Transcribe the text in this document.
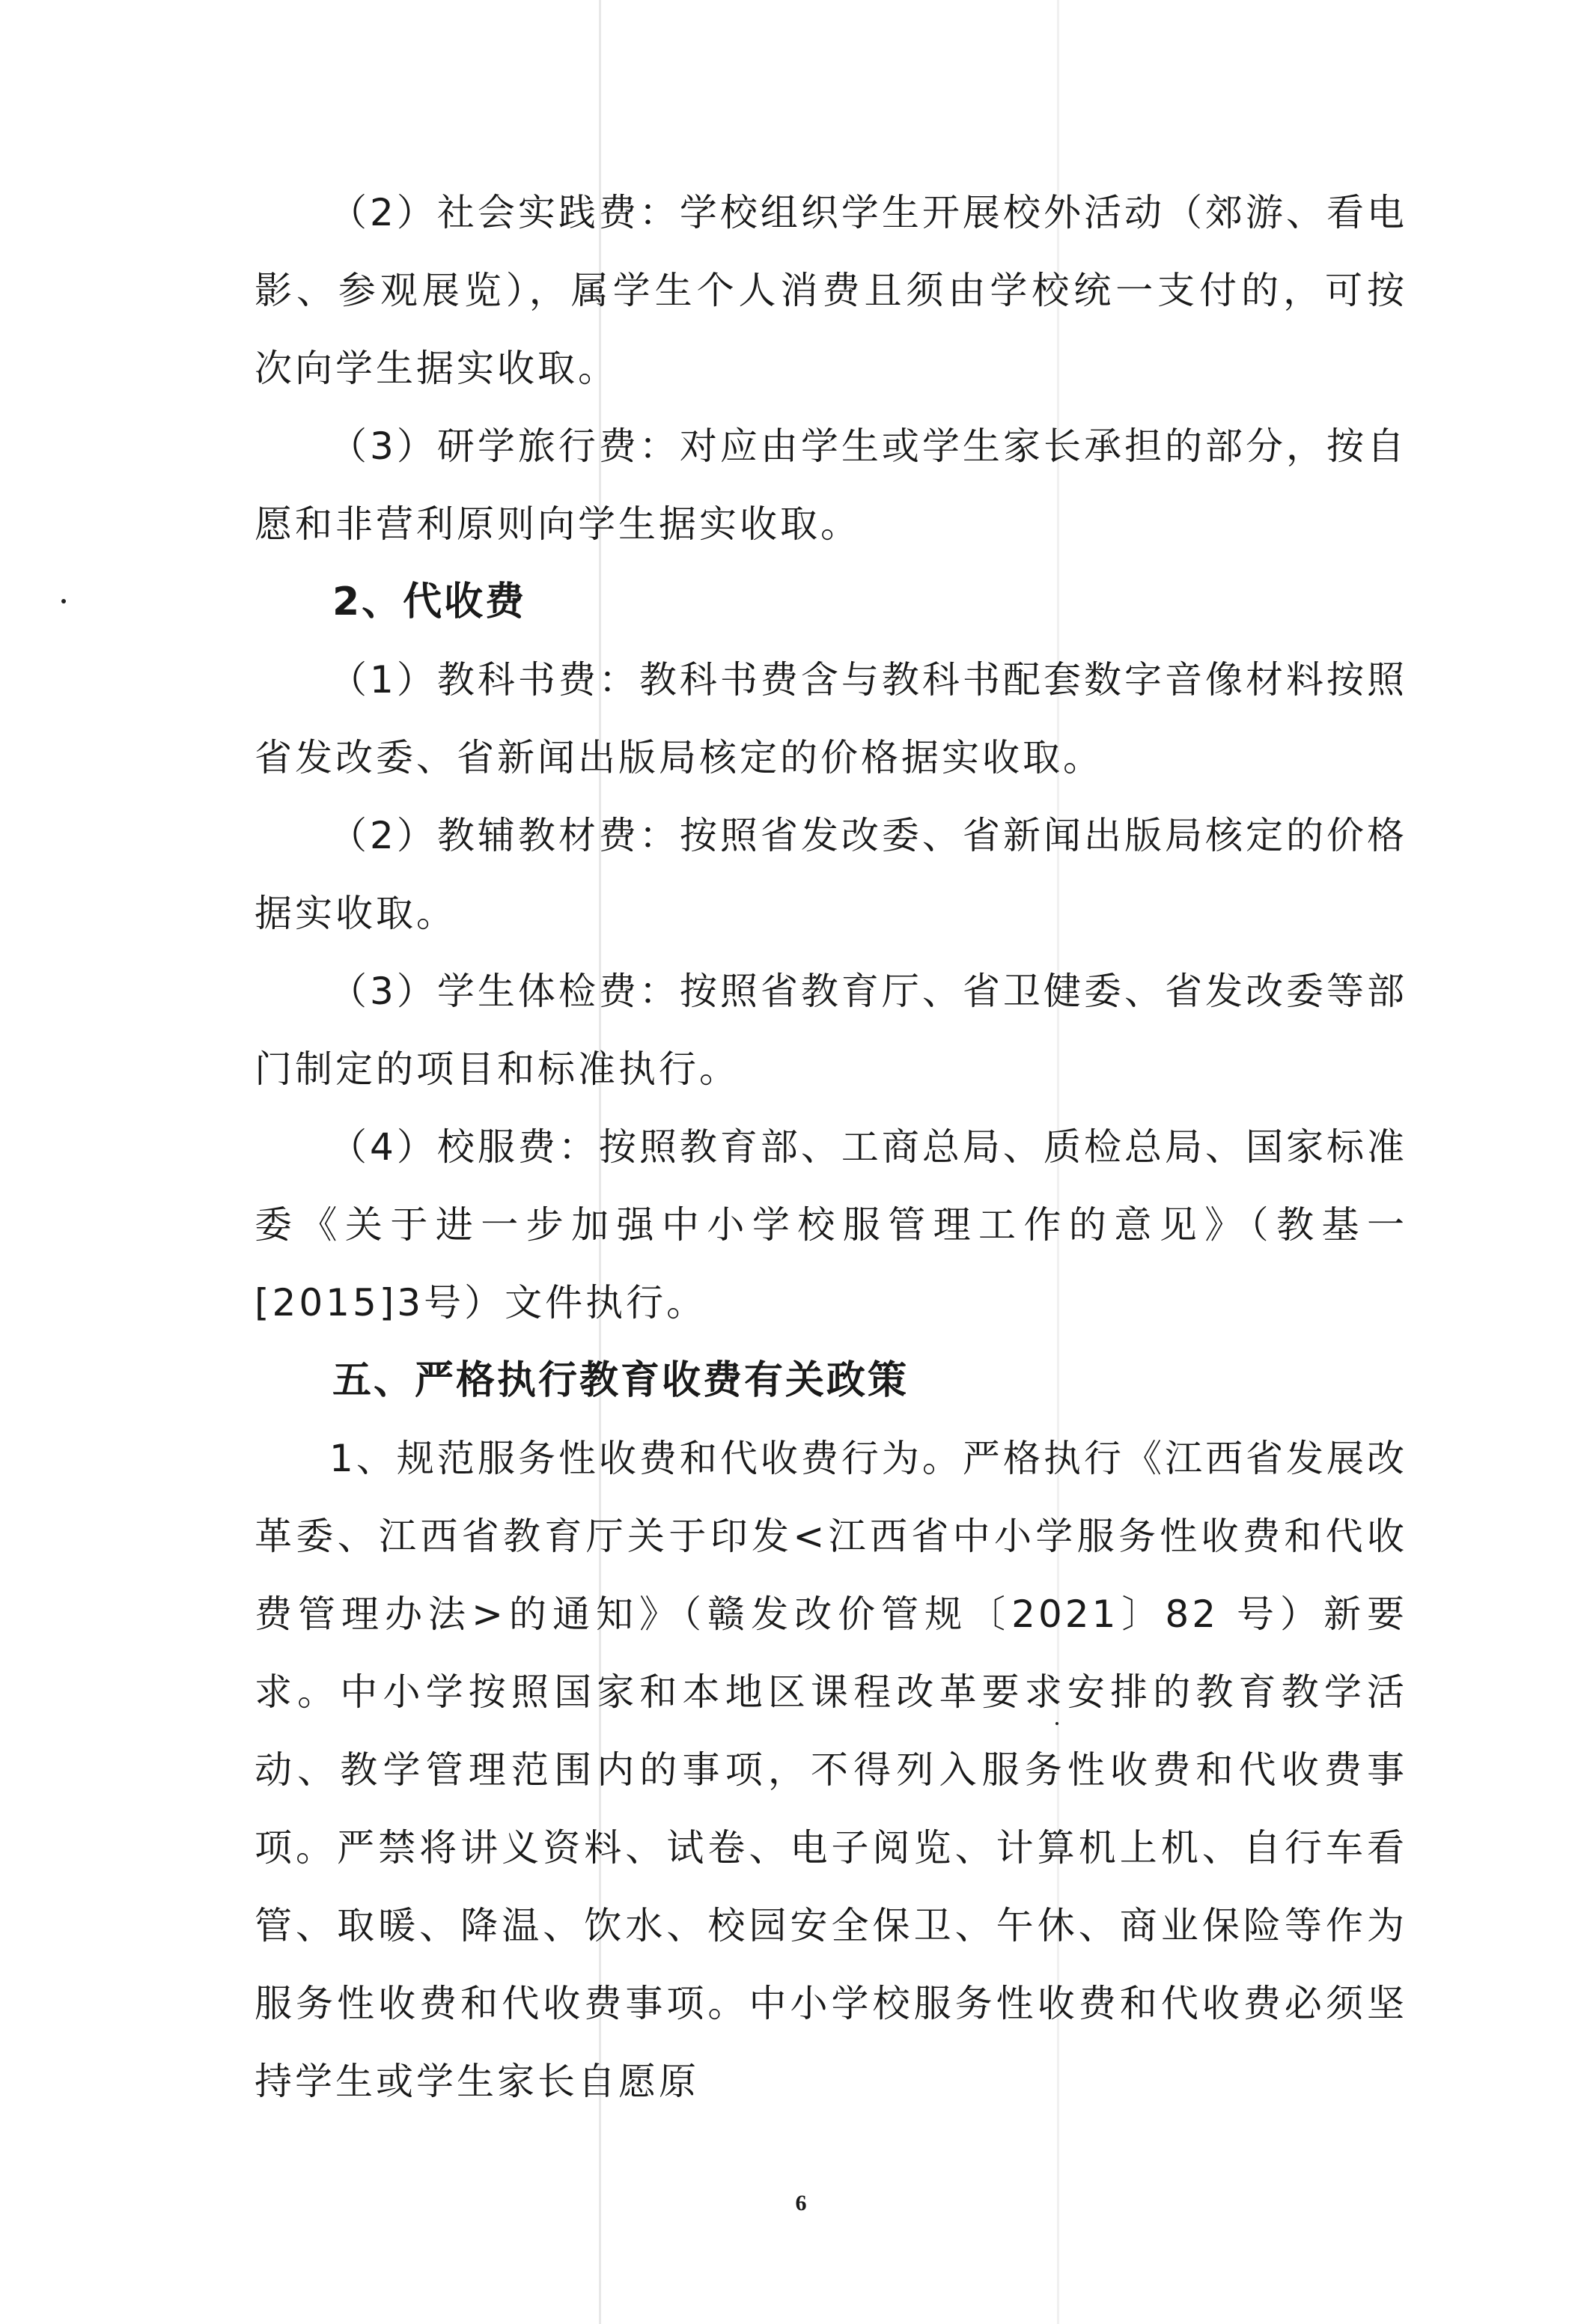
（2）社会实践费：学校组织学生开展校外活动（郊游、看电影、参观展览），属学生个人消费且须由学校统一支付的，可按次向学生据实收取。

（3）研学旅行费：对应由学生或学生家长承担的部分，按自愿和非营利原则向学生据实收取。

2、代收费

（1）教科书费：教科书费含与教科书配套数字音像材料按照省发改委、省新闻出版局核定的价格据实收取。

（2）教辅教材费：按照省发改委、省新闻出版局核定的价格据实收取。

（3）学生体检费：按照省教育厅、省卫健委、省发改委等部门制定的项目和标准执行。

（4）校服费：按照教育部、工商总局、质检总局、国家标准委《关于进一步加强中小学校服管理工作的意见》（教基一[2015]3号）文件执行。

五、严格执行教育收费有关政策

1、规范服务性收费和代收费行为。严格执行《江西省发展改革委、江西省教育厅关于印发<江西省中小学服务性收费和代收费管理办法>的通知》（赣发改价管规〔2021〕82 号）新要求。中小学按照国家和本地区课程改革要求安排的教育教学活动、教学管理范围内的事项，不得列入服务性收费和代收费事项。严禁将讲义资料、试卷、电子阅览、计算机上机、自行车看管、取暖、降温、饮水、校园安全保卫、午休、商业保险等作为服务性收费和代收费事项。中小学校服务性收费和代收费必须坚持学生或学生家长自愿原

6
